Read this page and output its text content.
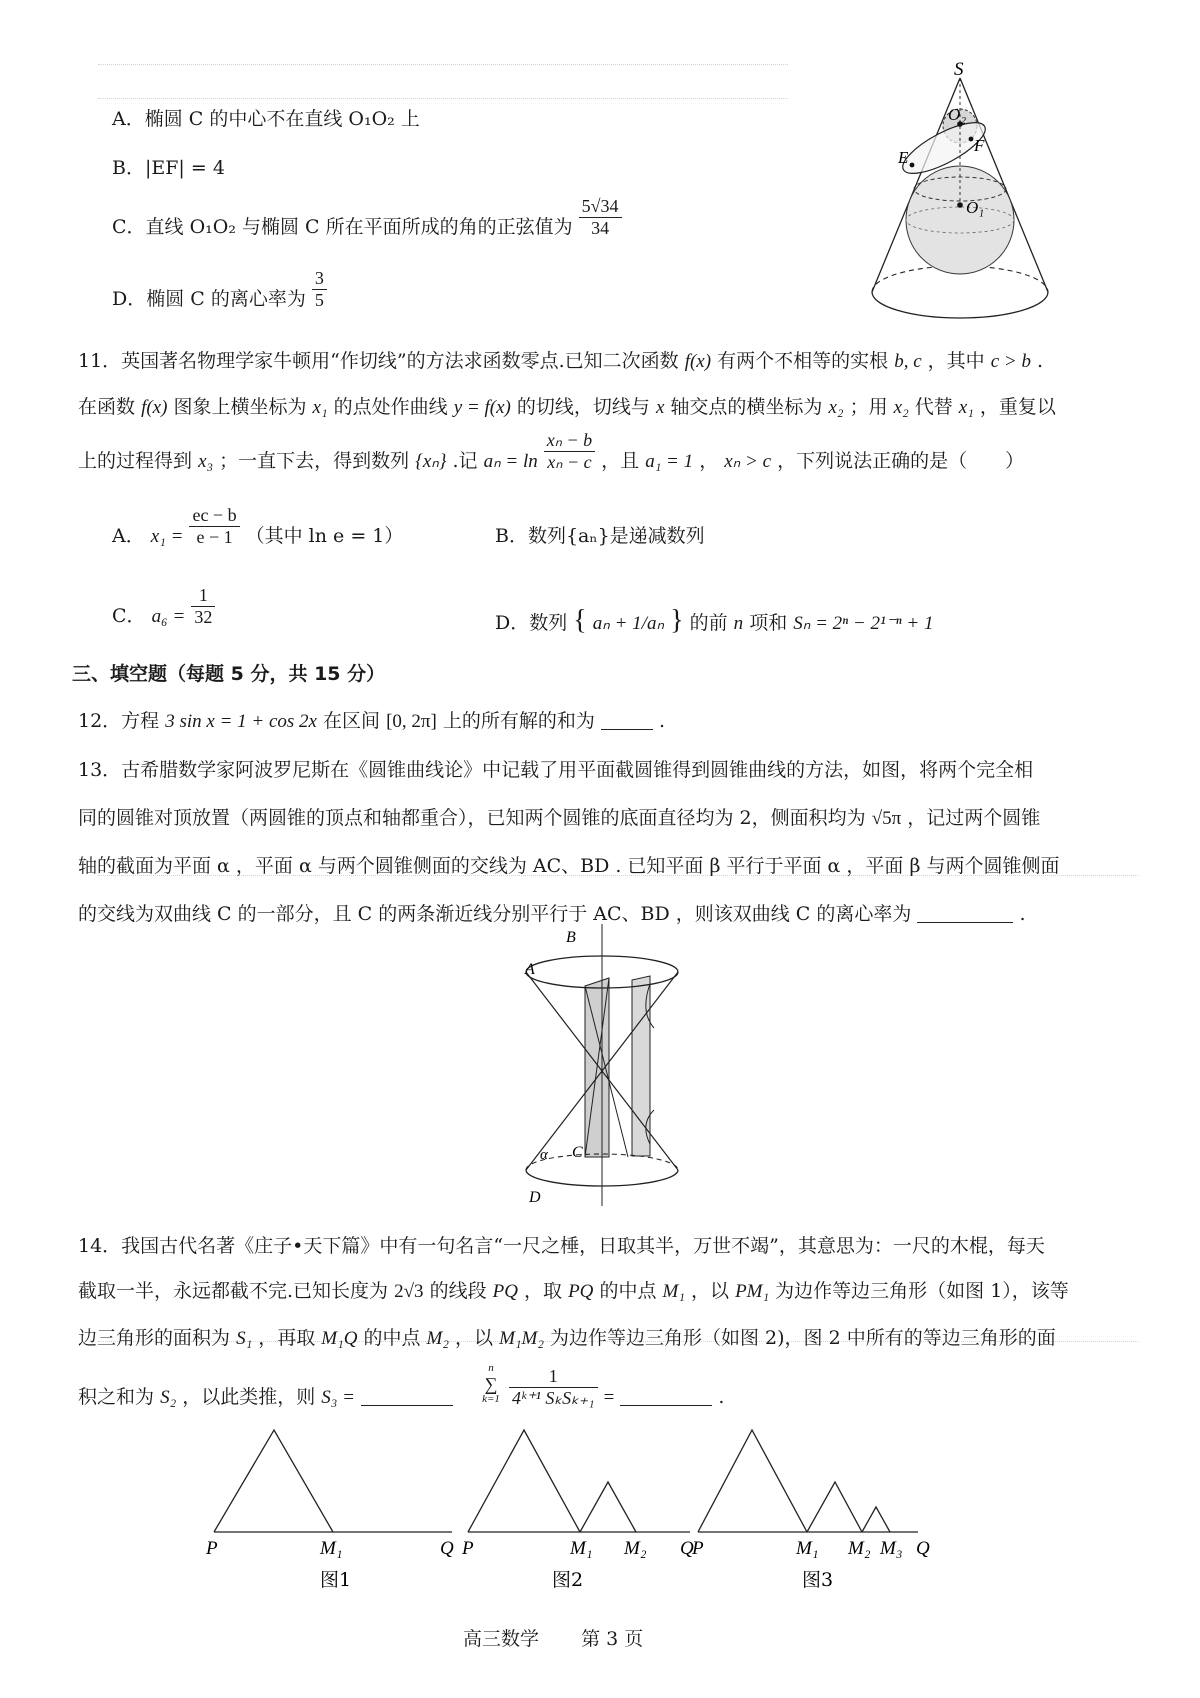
A．椭圆 C 的中心不在直线 O₁O₂ 上
B．|EF| = 4
C．直线 O₁O₂ 与椭圆 C 所在平面所成的角的正弦值为 $\frac{5√34}{34}$
D．椭圆 C 的离心率为 $\frac{3}{5}$
S
O₂
E
F
O₁
11．英国著名物理学家牛顿用“作切线”的方法求函数零点.已知二次函数 f(x) 有两个不相等的实根 b, c ，其中 c > b .
在函数 f(x) 图象上横坐标为 x₁ 的点处作曲线 y = f(x) 的切线，切线与 x 轴交点的横坐标为 x₂ ；用 x₂ 代替 x₁ ，重复以
上的过程得到 x₃ ；一直下去，得到数列 {xₙ} .记 $a_n = \ln \frac{\text{xₙ − b}}{\text{xₙ − c}}$ ，且 a₁ = 1 ， xₙ > c ，下列说法正确的是（　　）
A． $x_1 = \frac{ec - b}{e - 1}$ （其中 ln e = 1）	B．数列{aₙ}是递减数列
C． $a_6 = \frac{1}{32}$	D．数列 { aₙ + 1/aₙ } 的前 n 项和 Sₙ = 2ⁿ − 2¹⁻ⁿ + 1
三、填空题（每题 5 分，共 15 分）
12．方程 3 sin x = 1 + cos 2x 在区间 [0, 2π] 上的所有解的和为	.
13．古希腊数学家阿波罗尼斯在《圆锥曲线论》中记载了用平面截圆锥得到圆锥曲线的方法，如图，将两个完全相
同的圆锥对顶放置（两圆锥的顶点和轴都重合），已知两个圆锥的底面直径均为 2，侧面积均为 √5π ，记过两个圆锥
轴的截面为平面 α ，平面 α 与两个圆锥侧面的交线为 AC、BD . 已知平面 β 平行于平面 α ，平面 β 与两个圆锥侧面
的交线为双曲线 C 的一部分，且 C 的两条渐近线分别平行于 AC、BD ，则该双曲线 C 的离心率为	.
B
A
α C
D
14．我国古代名著《庄子•天下篇》中有一句名言“一尺之棰，日取其半，万世不竭”，其意思为：一尺的木棍，每天
截取一半，永远都截不完.已知长度为 2√3 的线段 PQ ，取 PQ 的中点 M₁ ，以 PM₁ 为边作等边三角形（如图 1），该等
边三角形的面积为 S₁ ，再取 M₁Q 的中点 M₂ ，以 M₁M₂ 为边作等边三角形（如图 2)，图 2 中所有的等边三角形的面
积之和为 S₂ ，以此类推，则 S₃ =
n
∑
k=1
$\frac{1}{\text{4ᵏ⁺¹ SₖSₖ₊₁}}$ =	.
P	M₁	Q
图1
P	M₁ M₂ Q
图2
P	M₁ M₂ M₃ Q
图3
高三数学 第 3 页
